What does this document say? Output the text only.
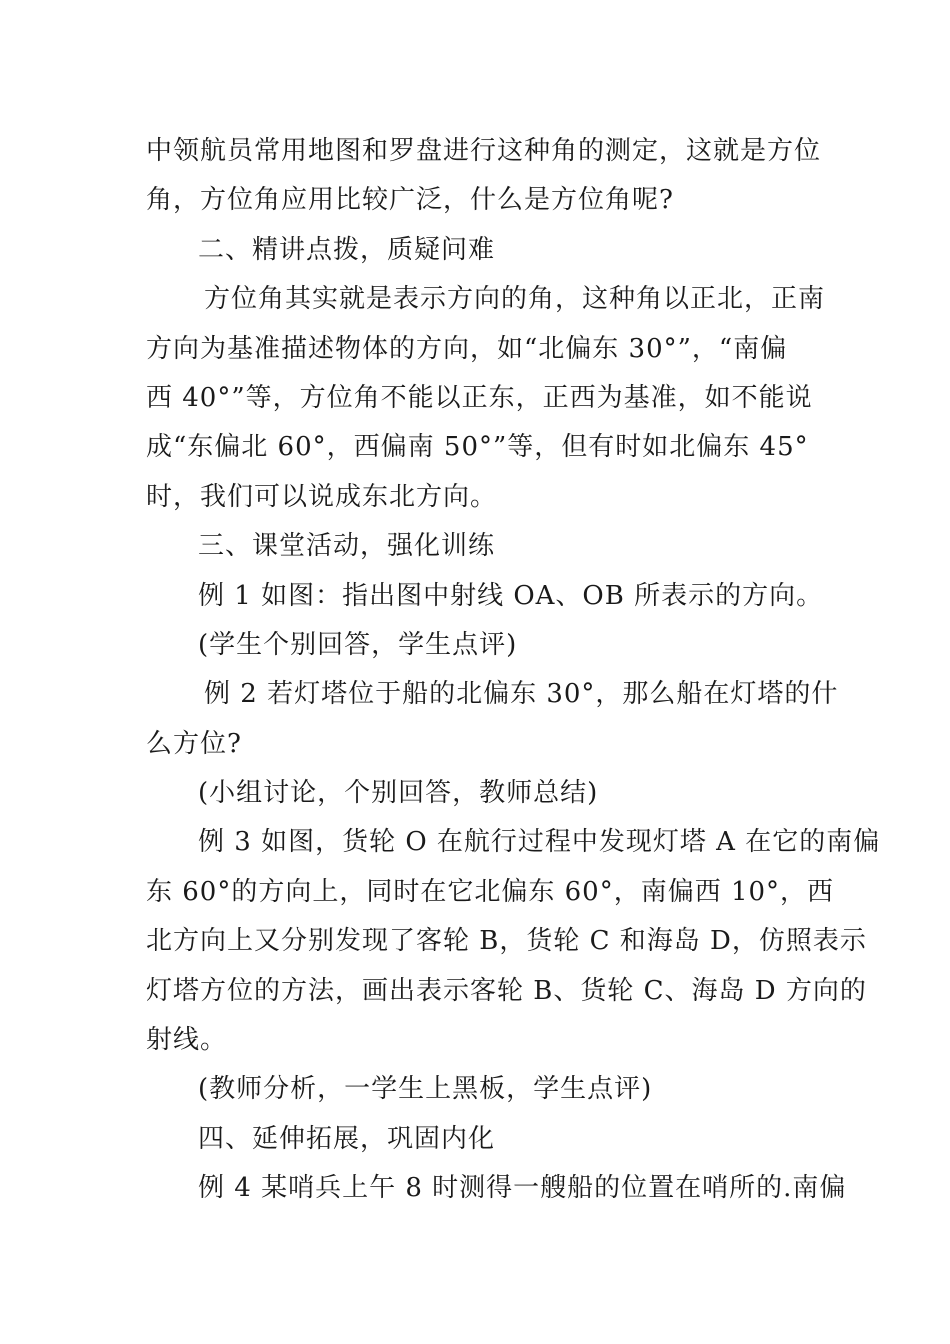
中领航员常用地图和罗盘进行这种角的测定，这就是方位
角，方位角应用比较广泛，什么是方位角呢?
二、精讲点拨，质疑问难
方位角其实就是表示方向的角，这种角以正北，正南
方向为基准描述物体的方向，如“北偏东 30°”，“南偏
西 40°”等，方位角不能以正东，正西为基准，如不能说
成“东偏北 60°，西偏南 50°”等，但有时如北偏东 45°
时，我们可以说成东北方向。
三、课堂活动，强化训练
例 1 如图：指出图中射线 OA、OB 所表示的方向。
(学生个别回答，学生点评)
例 2 若灯塔位于船的北偏东 30°，那么船在灯塔的什
么方位?
(小组讨论，个别回答，教师总结)
例 3 如图，货轮 O 在航行过程中发现灯塔 A 在它的南偏
东 60°的方向上，同时在它北偏东 60°，南偏西 10°，西
北方向上又分别发现了客轮 B，货轮 C 和海岛 D，仿照表示
灯塔方位的方法，画出表示客轮 B、货轮 C、海岛 D 方向的
射线。
(教师分析，一学生上黑板，学生点评)
四、延伸拓展，巩固内化
例 4 某哨兵上午 8 时测得一艘船的位置在哨所的.南偏
